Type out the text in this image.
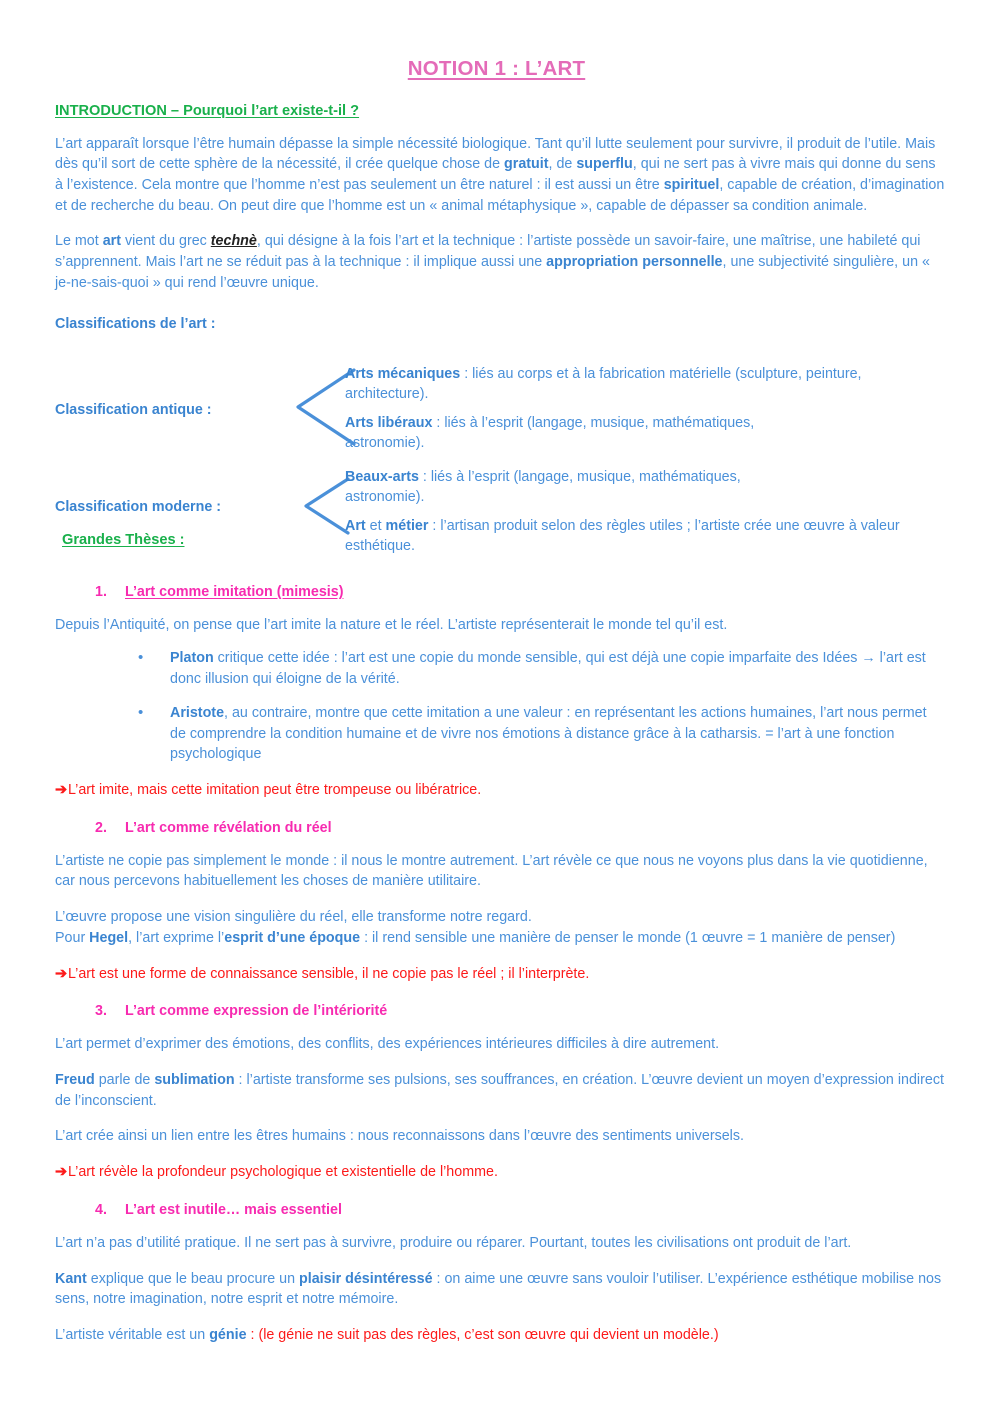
NOTION 1 : L’ART
INTRODUCTION – Pourquoi l’art existe-t-il ?

L’art apparaît lorsque l’être humain dépasse la simple nécessité biologique. Tant qu’il lutte seulement pour survivre, il produit de l’utile. Mais dès qu’il sort de cette sphère de la nécessité, il crée quelque chose de gratuit, de superflu, qui ne sert pas à vivre mais qui donne du sens à l’existence. Cela montre que l’homme n’est pas seulement un être naturel : il est aussi un être spirituel, capable de création, d’imagination et de recherche du beau. On peut dire que l’homme est un « animal métaphysique », capable de dépasser sa condition animale.

Le mot art vient du grec technè, qui désigne à la fois l’art et la technique : l’artiste possède un savoir-faire, une maîtrise, une habileté qui s’apprennent. Mais l’art ne se réduit pas à la technique : il implique aussi une appropriation personnelle, une subjectivité singulière, un « je-ne-sais-quoi » qui rend l’œuvre unique.

Classifications de l’art :
Classification antique :
Arts mécaniques : liés au corps et à la fabrication matérielle (sculpture, peinture, architecture).
Arts libéraux : liés à l’esprit (langage, musique, mathématiques, astronomie).
Classification moderne :
Beaux-arts : liés à l’esprit (langage, musique, mathématiques, astronomie).
Art et métier : l’artisan produit selon des règles utiles ; l’artiste crée une œuvre à valeur esthétique.
Grandes Thèses :
1. L’art comme imitation (mimesis)

Depuis l’Antiquité, on pense que l’art imite la nature et le réel. L’artiste représenterait le monde tel qu’il est.

• Platon critique cette idée : l’art est une copie du monde sensible, qui est déjà une copie imparfaite des Idées → l’art est donc illusion qui éloigne de la vérité.
• Aristote, au contraire, montre que cette imitation a une valeur : en représentant les actions humaines, l’art nous permet de comprendre la condition humaine et de vivre nos émotions à distance grâce à la catharsis. = l’art à une fonction psychologique

➔ L’art imite, mais cette imitation peut être trompeuse ou libératrice.

2. L’art comme révélation du réel

L’artiste ne copie pas simplement le monde : il nous le montre autrement. L’art révèle ce que nous ne voyons plus dans la vie quotidienne, car nous percevons habituellement les choses de manière utilitaire.

L’œuvre propose une vision singulière du réel, elle transforme notre regard.
Pour Hegel, l’art exprime l’esprit d’une époque : il rend sensible une manière de penser le monde (1 œuvre = 1 manière de penser)

➔ L’art est une forme de connaissance sensible, il ne copie pas le réel ; il l’interprète.

3. L’art comme expression de l’intériorité

L’art permet d’exprimer des émotions, des conflits, des expériences intérieures difficiles à dire autrement.

Freud parle de sublimation : l’artiste transforme ses pulsions, ses souffrances, en création. L’œuvre devient un moyen d’expression indirect de l’inconscient.

L’art crée ainsi un lien entre les êtres humains : nous reconnaissons dans l’œuvre des sentiments universels.

➔ L’art révèle la profondeur psychologique et existentielle de l’homme.

4. L’art est inutile… mais essentiel

L’art n’a pas d’utilité pratique. Il ne sert pas à survivre, produire ou réparer. Pourtant, toutes les civilisations ont produit de l’art.

Kant explique que le beau procure un plaisir désintéressé : on aime une œuvre sans vouloir l’utiliser. L’expérience esthétique mobilise nos sens, notre imagination, notre esprit et notre mémoire.

L’artiste véritable est un génie : (le génie ne suit pas des règles, c’est son œuvre qui devient un modèle.)
